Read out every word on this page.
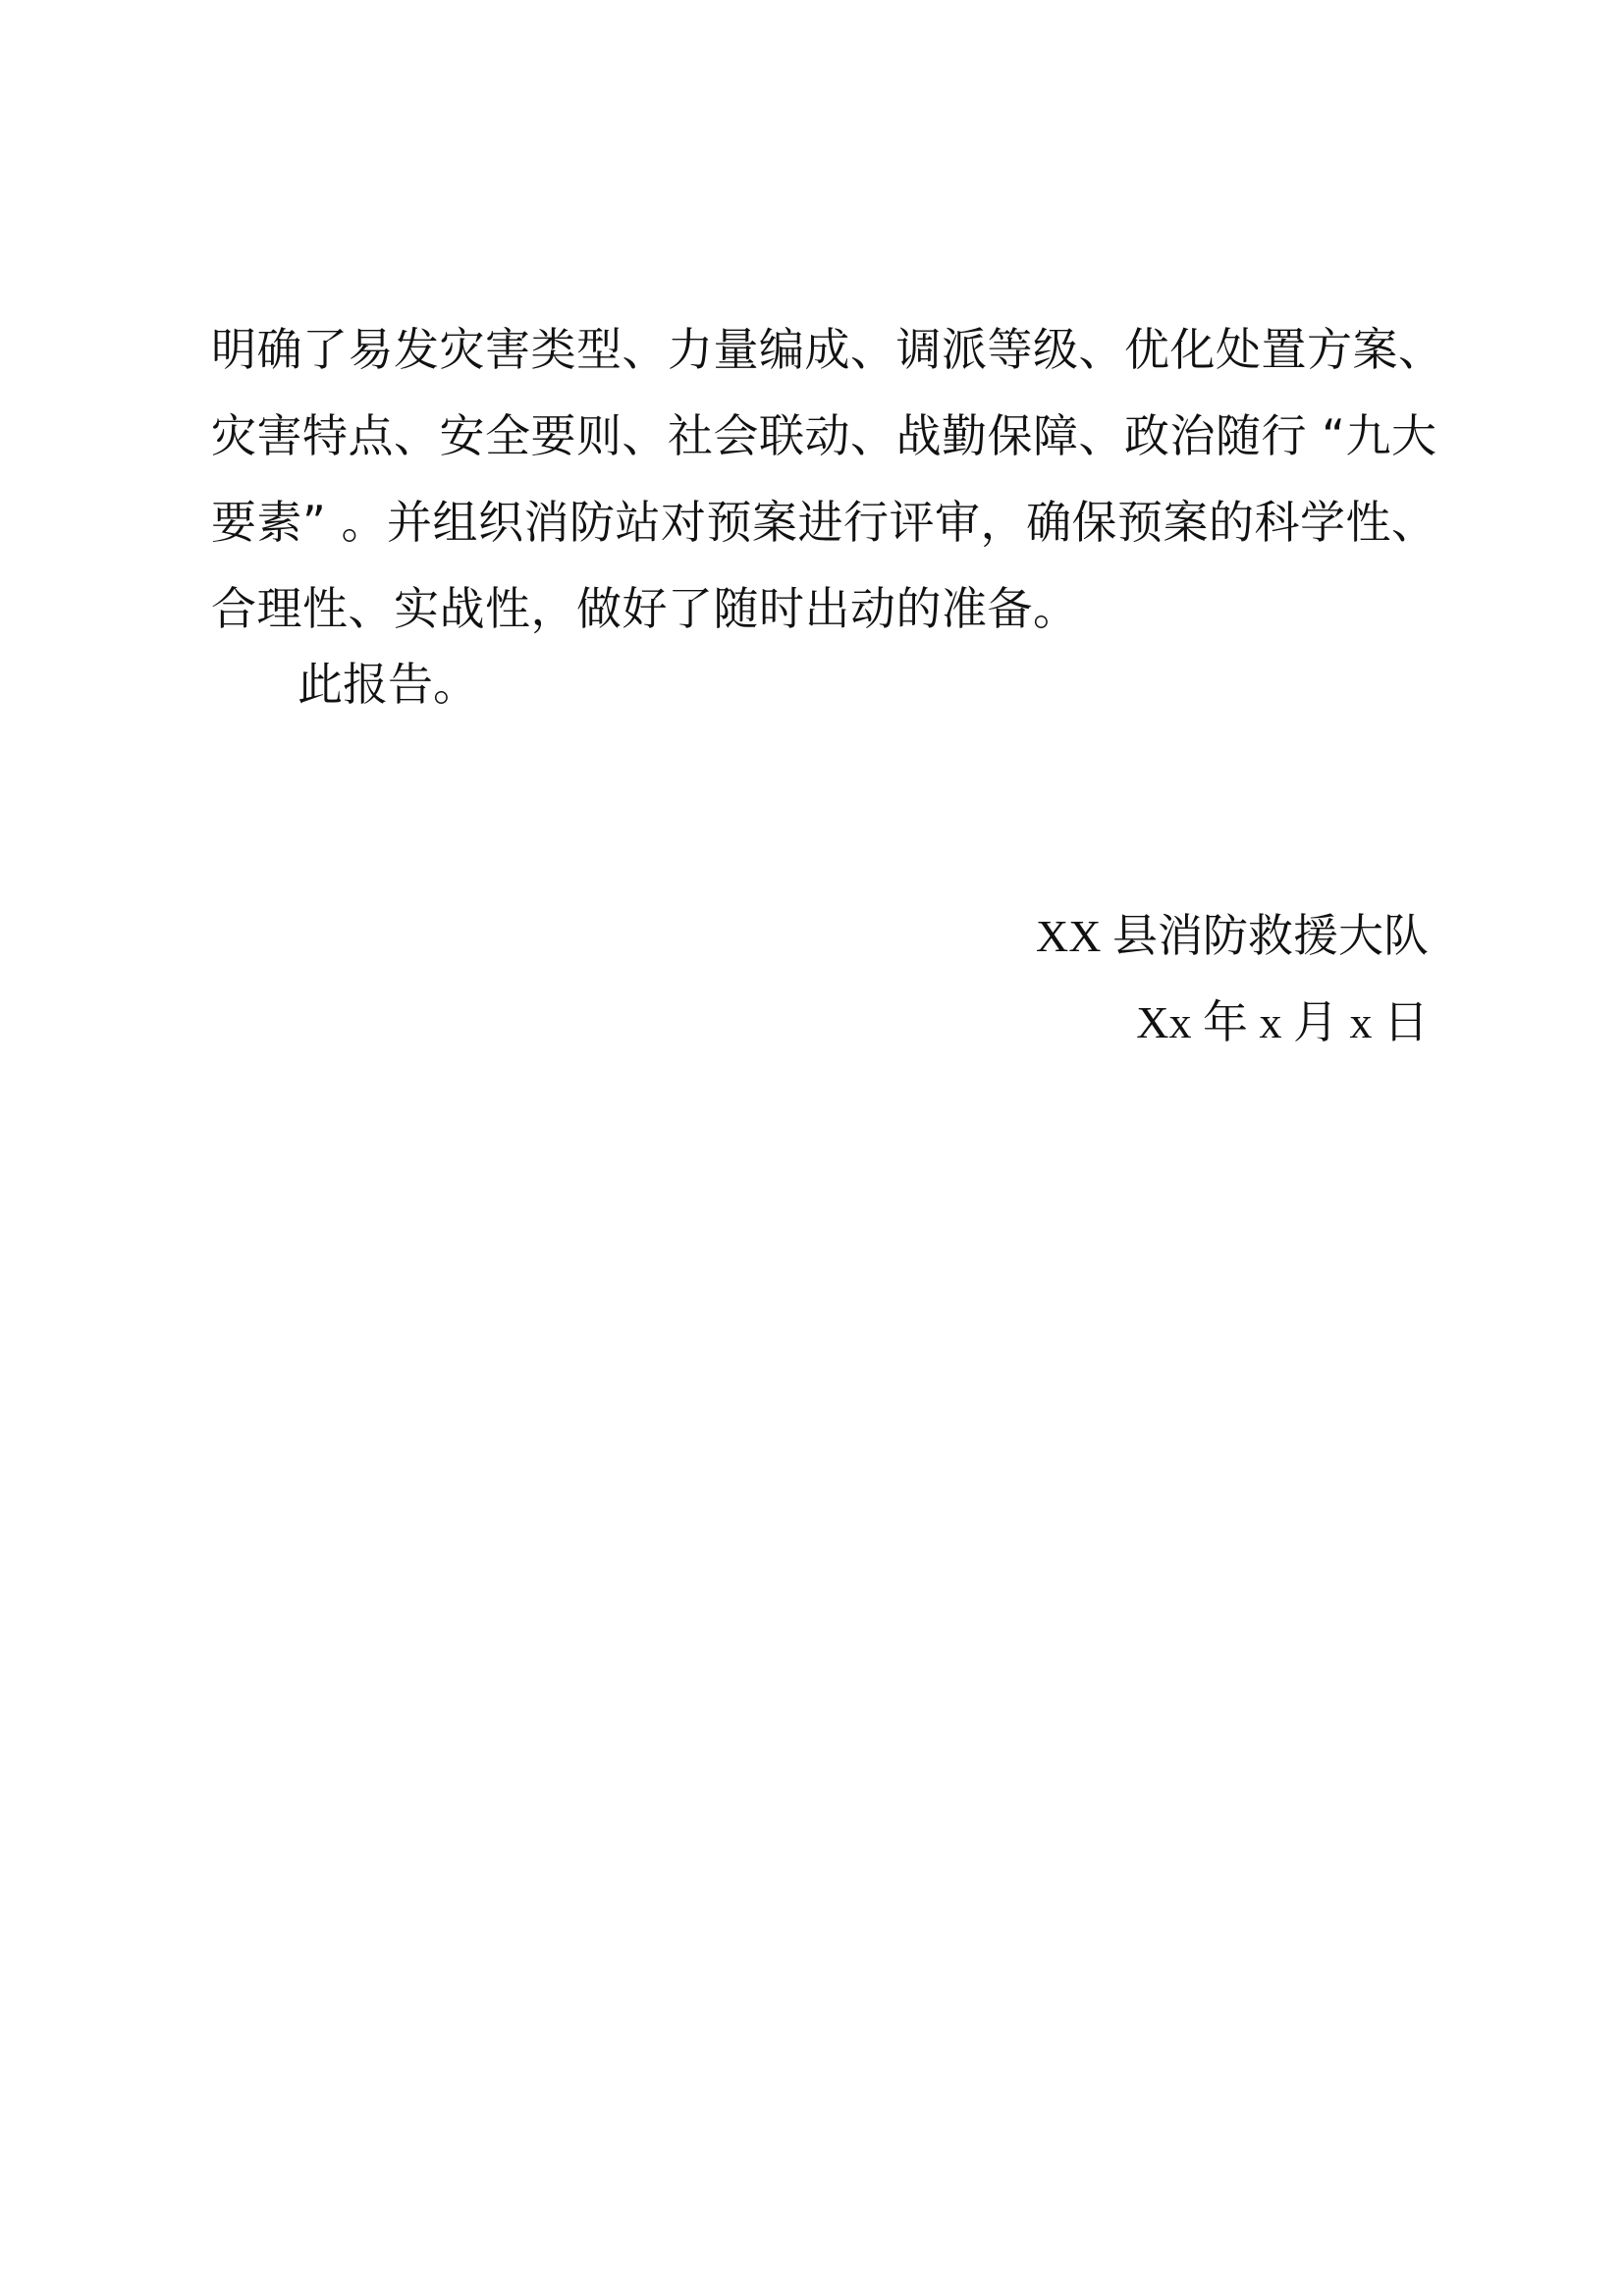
明确了易发灾害类型、力量编成、调派等级、优化处置方案、
灾害特点、安全要则、社会联动、战勤保障、政治随行 “九大
要素” 。并组织消防站对预案进行评审，确保预案的科学性、
合理性、实战性，做好了随时出动的准备。
此报告。
XX 县消防救援大队
Xx 年 x 月 x 日
